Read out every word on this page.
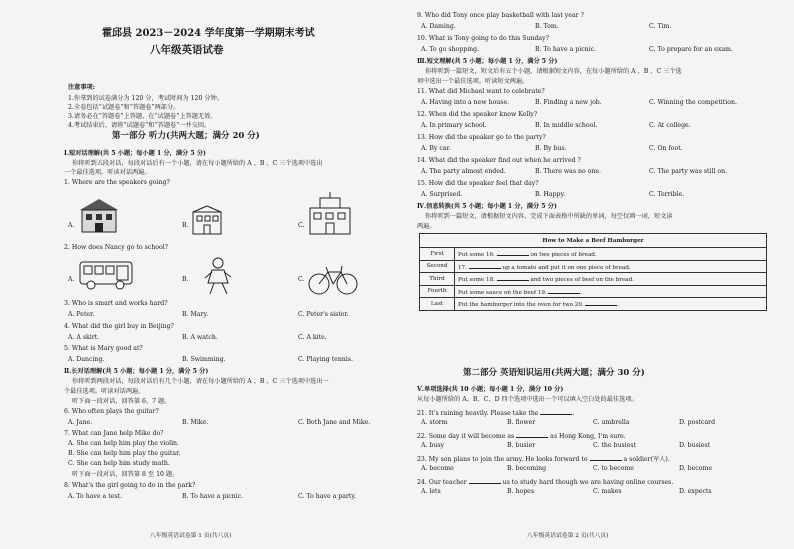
霍邱县 2023－2024 学年度第一学期期末考试
八年级英语试卷
注意事项:
1.你拿到的试卷满分为 120 分，考试时间为 120 分钟。
2.全卷包括“试题卷”和“答题卷”两部分。
3.请务必在“答题卷”上答题，在“试题卷”上答题无效。
4.考试结束后，请将“试题卷”和“答题卷”一并交回。
第一部分 听力(共两大题；满分 20 分)
Ⅰ.短对话理解(共 5 小题；每小题 1 分，满分 5 分)
你将听到五段对话，每段对话后有一个小题，请在每小题所给的 A 、B 、C 三个选项中选出
一个最佳选项。听读对话两遍。
1. Where are the speakers going?
A.	B.	C.
2. How does Nancy go to school?
A.	B.	C.
3. Who is smart and works hard?
A. Peter.	B. Mary.	C. Peter's sister.
4. What did the girl buy in Beijing?
A. A skirt.	B. A watch.	C. A kite.
5. What is Mary good at?
A. Dancing.	B. Swimming.	C. Playing tennis.
Ⅱ.长对话理解(共 5 小题；每小题 1 分，满分 5 分)
你将听到两段对话，每段对话后有几个小题，请在每小题所给的 A 、B 、C 三个选项中选出一
个最佳选项。听读对话两遍。
听下面一段对话，回答第 6、7 题。
6. Who often plays the guitar?
A. Jane.	B. Mike.	C. Both Jane and Mike.
7. What can Jane help Mike do?
A. She can help him play the violin.
B. She can help him play the guitar.
C. She can help him study math.
听下面一段对话，回答第 8 至 10 题。
8. What's the girl going to do in the park?
A. To have a test.	B. To have a picnic.	C. To have a party.
八年级英语试卷第 1 页(共八页)
9. Who did Tony once play basketball with last year ?
A. Daming.	B. Tom.	C. Tim.
10. What is Tony going to do this Sunday?
A. To go shopping.	B. To have a picnic.	C. To prepare for an exam.
Ⅲ.短文理解(共 5 小题；每小题 1 分，满分 5 分)
你将听到一篇短文，短文后有五个小题，请根据短文内容，在每小题所给的 A 、B 、C 三个选
项中选出一个最佳选项。听读短文两遍。
11. What did Michael want to celebrate?
A. Having into a new house.	B. Finding a new job.	C. Winning the competition.
12. When did the speaker know Kelly?
A. In primary school.	B. In middle school.	C. At college.
13. How did the speaker go to the party?
A. By car.	B. By bus.	C. On foot.
14. What did the speaker find out when he arrived ?
A. The party almost ended.	B. There was no one.	C. The party was still on.
15. How did the speaker feel that day?
A. Surprised.	B. Happy.	C. Terrible.
Ⅳ.信息转换(共 5 小题；每小题 1 分，满分 5 分)
你将听到一篇短文，请根据短文内容，完成下面表格中所缺的单词，每空仅填一词，短文读
两遍。
How to Make a Beef Hamburger	
First	Put some 16. on two pieces of bread.
Second	17. up a tomato and put it on one piece of bread.
Third	Put some 18. and two pieces of beef on the bread.
Fourth	Put some sauce on the beef 19. .
Last	Put the hamburger into the oven for two 20. .
第二部分 英语知识运用(共两大题；满分 30 分)
Ⅴ.单项选择(共 10 小题；每小题 1 分，满分 10 分)
从每小题所给的 A、B、C、D 四个选项中选出一个可以填入空白处的最佳选项。
21. It's raining heavily. Please take the	.
A. storm	B. flower	C. umbrella	D. postcard
22. Some day it will become as	as Hong Kong, I'm sure.
A. busy	B. busier	C. the busiest	D. busiest
23. My son plans to join the army. He looks forward to	a soldier(军人).
A. become	B. becoming	C. to become	D. become
24. Our teacher	us to study hard though we are having online courses.
A. lets	B. hopes	C. makes	D. expects
八年级英语试卷第 2 页(共八页)
